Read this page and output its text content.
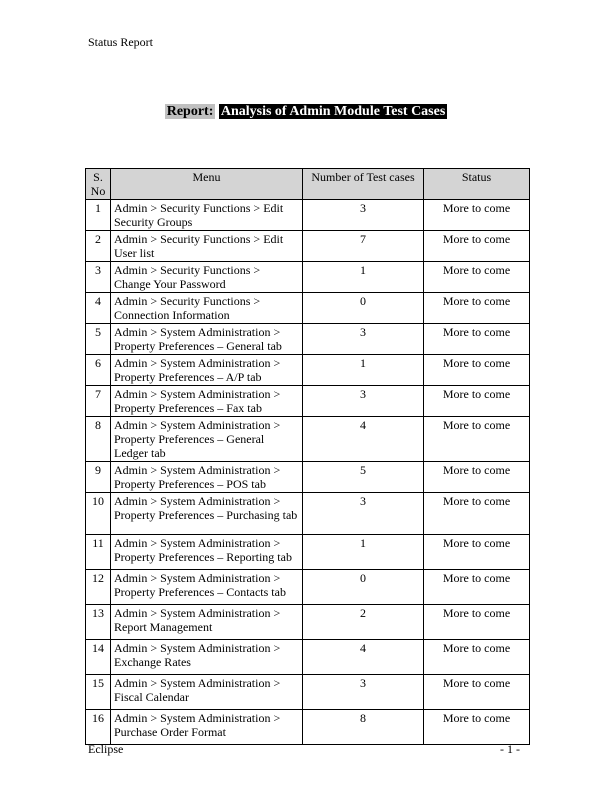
Status Report
Report: Analysis of Admin Module Test Cases
S. No	Menu	Number of Test cases	Status
1	Admin > Security Functions > Edit Security Groups	3	More to come
2	Admin > Security Functions > Edit User list	7	More to come
3	Admin > Security Functions > Change Your Password	1	More to come
4	Admin > Security Functions > Connection Information	0	More to come
5	Admin > System Administration > Property Preferences – General tab	3	More to come
6	Admin > System Administration > Property Preferences – A/P tab	1	More to come
7	Admin > System Administration > Property Preferences – Fax tab	3	More to come
8	Admin > System Administration > Property Preferences – General Ledger tab	4	More to come
9	Admin > System Administration > Property Preferences – POS tab	5	More to come
10	Admin > System Administration > Property Preferences – Purchasing tab	3	More to come
11	Admin > System Administration > Property Preferences – Reporting tab	1	More to come
12	Admin > System Administration > Property Preferences – Contacts tab	0	More to come
13	Admin > System Administration > Report Management	2	More to come
14	Admin > System Administration > Exchange Rates	4	More to come
15	Admin > System Administration > Fiscal Calendar	3	More to come
16	Admin > System Administration > Purchase Order Format	8	More to come
Eclipse	- 1 -
